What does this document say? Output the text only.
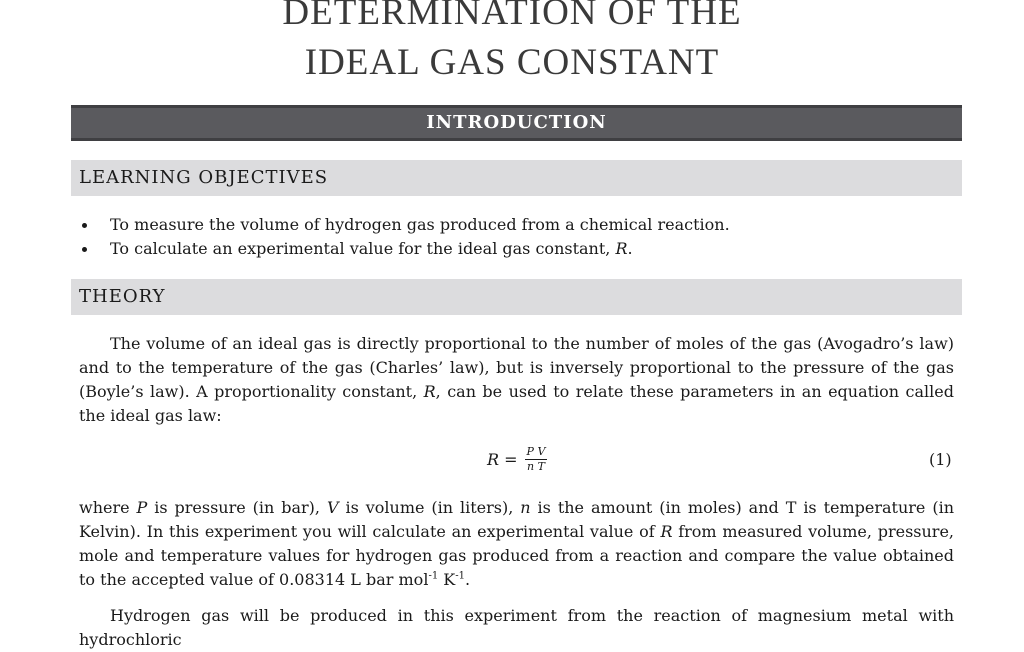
DETERMINATION OF THE
IDEAL GAS CONSTANT
INTRODUCTION
LEARNING OBJECTIVES
To measure the volume of hydrogen gas produced from a chemical reaction.
To calculate an experimental value for the ideal gas constant, R.
THEORY

The volume of an ideal gas is directly proportional to the number of moles of the gas (Avogadro’s law) and to the temperature of the gas (Charles’ law), but is inversely proportional to the pressure of the gas (Boyle’s law). A proportionality constant, R, can be used to relate these parameters in an equation called the ideal gas law:

$R = \frac{\text{P V}}{\text{n T}}$	(1)

where P is pressure (in bar), V is volume (in liters), n is the amount (in moles) and T is temperature (in Kelvin). In this experiment you will calculate an experimental value of R from measured volume, pressure, mole and temperature values for hydrogen gas produced from a reaction and compare the value obtained to the accepted value of 0.08314 L bar mol$^{-1}$ $K^{-1}$.

Hydrogen gas will be produced in this experiment from the reaction of magnesium metal with hydrochloric
